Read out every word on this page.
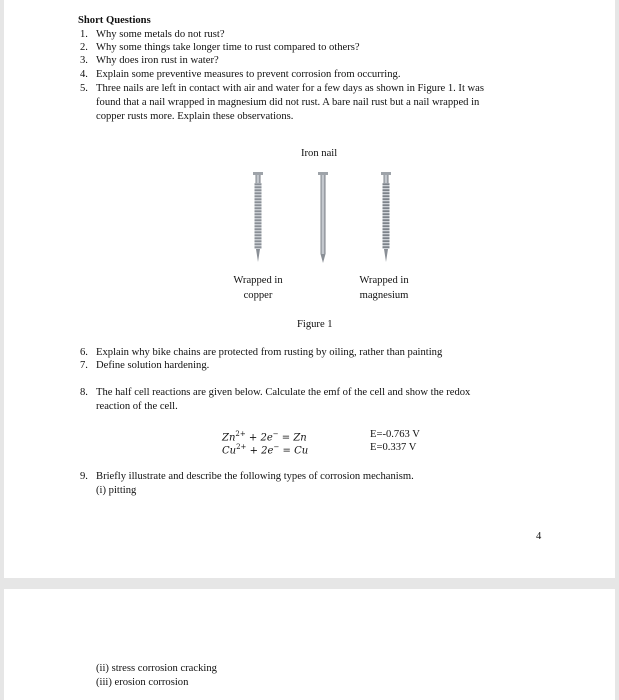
Short Questions
1. Why some metals do not rust?
2. Why some things take longer time to rust compared to others?
3. Why does iron rust in water?
4. Explain some preventive measures to prevent corrosion from occurring.
5. Three nails are left in contact with air and water for a few days as shown in Figure 1. It was
found that a nail wrapped in magnesium did not rust. A bare nail rust but a nail wrapped in
copper rusts more. Explain these observations.
Iron nail
Wrapped in
copper
Wrapped in
magnesium
Figure 1
6. Explain why bike chains are protected from rusting by oiling, rather than painting
7. Define solution hardening.
8. The half cell reactions are given below. Calculate the emf of the cell and show the redox
reaction of the cell.
$Zn^{2+} + 2e^- = Zn$	E=-0.763 V
$Cu^{2+} + 2e^- = Cu$	E=0.337 V
9. Briefly illustrate and describe the following types of corrosion mechanism.
(i) pitting
4
(ii) stress corrosion cracking
(iii) erosion corrosion
